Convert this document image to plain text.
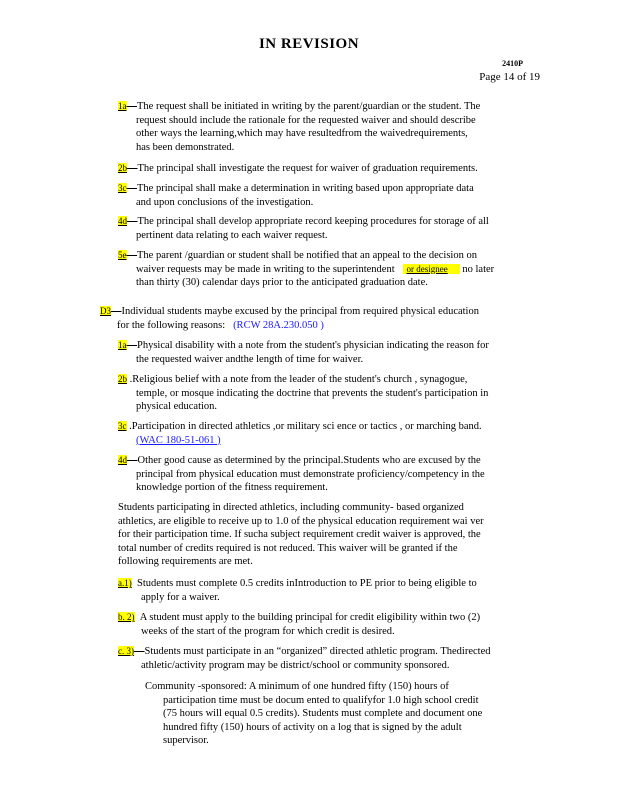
IN REVISION
2410P
Page 14 of 19
1a—The request shall be initiated in writing by the parent/guardian or the student. The
request should include the rationale for the requested waiver and should describe
other ways the learning,which may have resultedfrom the waivedrequirements,
has been demonstrated.
2b—The principal shall investigate the request for waiver of graduation requirements.
3c—The principal shall make a determination in writing based upon appropriate data
and upon conclusions of the investigation.
4d—The principal shall develop appropriate record keeping procedures for storage of all
pertinent data relating to each waiver request.
5e—The parent /guardian or student shall be notified that an appeal to the decision on
waiver requests may be made in writing to the superintendent or designee no later
than thirty (30) calendar days prior to the anticipated graduation date.
D3—Individual students maybe excused by the principal from required physical education
for the following reasons: (RCW 28A.230.050 )
1a—Physical disability with a note from the student's physician indicating the reason for
the requested waiver andthe length of time for waiver.
2b .Religious belief with a note from the leader of the student's church , synagogue,
temple, or mosque indicating the doctrine that prevents the student's participation in
physical education.
3c .Participation in directed athletics ,or military sci ence or tactics , or marching band.
(WAC 180-51-061 )
4d—Other good cause as determined by the principal.Students who are excused by the
principal from physical education must demonstrate proficiency/competency in the
knowledge portion of the fitness requirement.
Students participating in directed athletics, including community- based organized
athletics, are eligible to receive up to 1.0 of the physical education requirement wai ver
for their participation time. If sucha subject requirement credit waiver is approved, the
total number of credits required is not reduced. This waiver will be granted if the
following requirements are met.
a.1) Students must complete 0.5 credits inIntroduction to PE prior to being eligible to
apply for a waiver.
b. 2) A student must apply to the building principal for credit eligibility within two (2)
weeks of the start of the program for which credit is desired.
c. 3)—Students must participate in an “organized” directed athletic program. Thedirected
athletic/activity program may be district/school or community sponsored.
Community -sponsored: A minimum of one hundred fifty (150) hours of
participation time must be docum ented to qualifyfor 1.0 high school credit
(75 hours will equal 0.5 credits). Students must complete and document one
hundred fifty (150) hours of activity on a log that is signed by the adult
supervisor.
